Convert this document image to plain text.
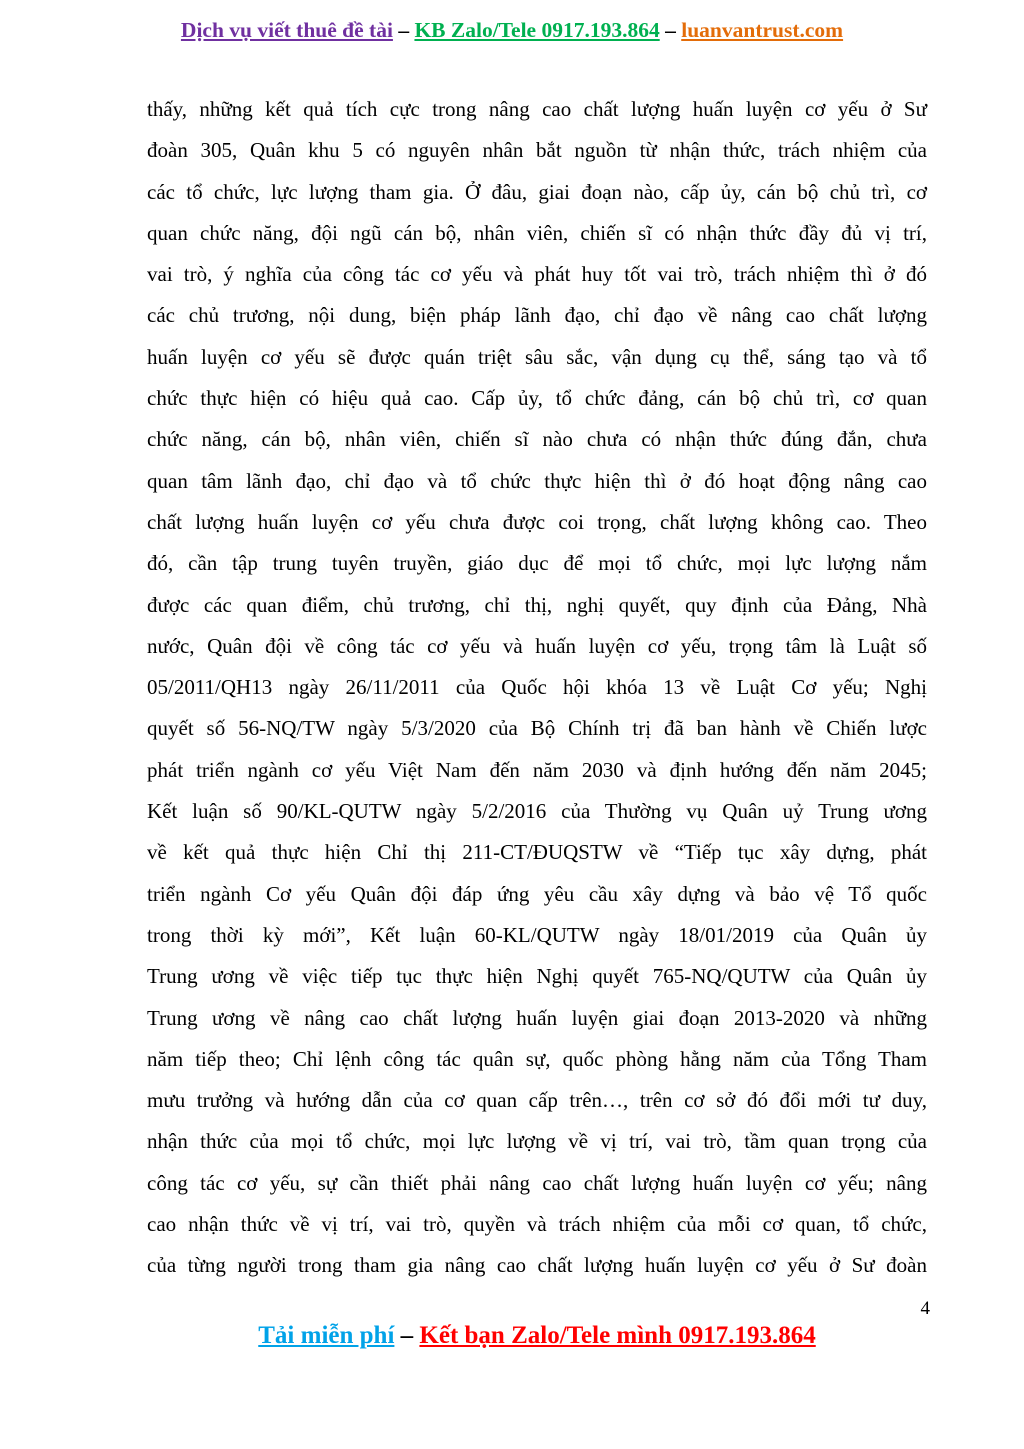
Dịch vụ viết thuê đề tài – KB Zalo/Tele 0917.193.864 – luanvantrust.com
thấy, những kết quả tích cực trong nâng cao chất lượng huấn luyện cơ yếu ở Sư
đoàn 305, Quân khu 5 có nguyên nhân bắt nguồn từ nhận thức, trách nhiệm của
các tổ chức, lực lượng tham gia. Ở đâu, giai đoạn nào, cấp ủy, cán bộ chủ trì, cơ
quan chức năng, đội ngũ cán bộ, nhân viên, chiến sĩ có nhận thức đầy đủ vị trí,
vai trò, ý nghĩa của công tác cơ yếu và phát huy tốt vai trò, trách nhiệm thì ở đó
các chủ trương, nội dung, biện pháp lãnh đạo, chỉ đạo về nâng cao chất lượng
huấn luyện cơ yếu sẽ được quán triệt sâu sắc, vận dụng cụ thể, sáng tạo và tổ
chức thực hiện có hiệu quả cao. Cấp ủy, tổ chức đảng, cán bộ chủ trì, cơ quan
chức năng, cán bộ, nhân viên, chiến sĩ nào chưa có nhận thức đúng đắn, chưa
quan tâm lãnh đạo, chỉ đạo và tổ chức thực hiện thì ở đó hoạt động nâng cao
chất lượng huấn luyện cơ yếu chưa được coi trọng, chất lượng không cao. Theo
đó, cần tập trung tuyên truyền, giáo dục để mọi tổ chức, mọi lực lượng nắm
được các quan điểm, chủ trương, chỉ thị, nghị quyết, quy định của Đảng, Nhà
nước, Quân đội về công tác cơ yếu và huấn luyện cơ yếu, trọng tâm là Luật số
05/2011/QH13 ngày 26/11/2011 của Quốc hội khóa 13 về Luật Cơ yếu; Nghị
quyết số 56-NQ/TW ngày 5/3/2020 của Bộ Chính trị đã ban hành về Chiến lược
phát triển ngành cơ yếu Việt Nam đến năm 2030 và định hướng đến năm 2045;
Kết luận số 90/KL-QUTW ngày 5/2/2016 của Thường vụ Quân uỷ Trung ương
về kết quả thực hiện Chỉ thị 211-CT/ĐUQSTW về “Tiếp tục xây dựng, phát
triển ngành Cơ yếu Quân đội đáp ứng yêu cầu xây dựng và bảo vệ Tổ quốc
trong thời kỳ mới”, Kết luận 60-KL/QUTW ngày 18/01/2019 của Quân ủy
Trung ương về việc tiếp tục thực hiện Nghị quyết 765-NQ/QUTW của Quân ủy
Trung ương về nâng cao chất lượng huấn luyện giai đoạn 2013-2020 và những
năm tiếp theo; Chỉ lệnh công tác quân sự, quốc phòng hằng năm của Tổng Tham
mưu trưởng và hướng dẫn của cơ quan cấp trên…, trên cơ sở đó đổi mới tư duy,
nhận thức của mọi tổ chức, mọi lực lượng về vị trí, vai trò, tầm quan trọng của
công tác cơ yếu, sự cần thiết phải nâng cao chất lượng huấn luyện cơ yếu; nâng
cao nhận thức về vị trí, vai trò, quyền và trách nhiệm của mỗi cơ quan, tổ chức,
của từng người trong tham gia nâng cao chất lượng huấn luyện cơ yếu ở Sư đoàn
4
Tải miễn phí – Kết bạn Zalo/Tele mình 0917.193.864
